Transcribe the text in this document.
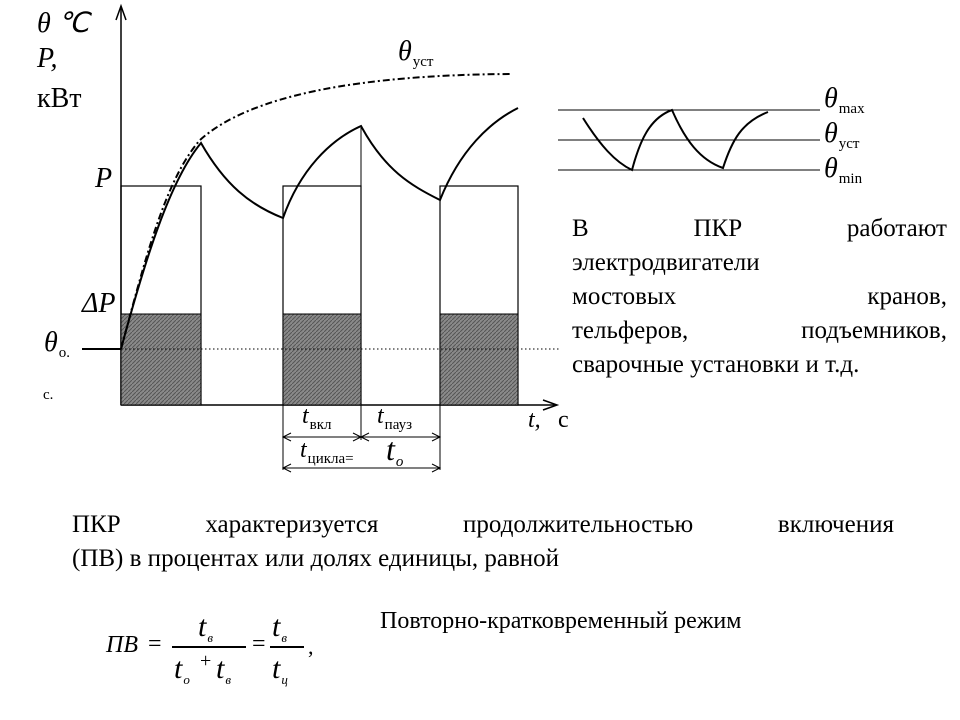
θ ℃
P,
кВт
P
ΔP
$\theta_{о.}$
с.
$\theta_{уст}$
t, с
$t_{вкл}$ $t_{пауз}$
$t_{цикла=}$ $t_o$
$\theta_{max}$
$\theta_{уст}$
$\theta_{min}$
В ПКР работают
электродвигатели
мостовых кранов,
тельферов, подъемников,
сварочные установки и т.д.
ПКР характеризуется продолжительностью включения
(ПВ) в процентах или долях единицы, равной
Повторно-кратковременный режим
ПВ =
$t_в$
$t_о$
+ $t_в$
=
$t_в$
$t_ц$
,
